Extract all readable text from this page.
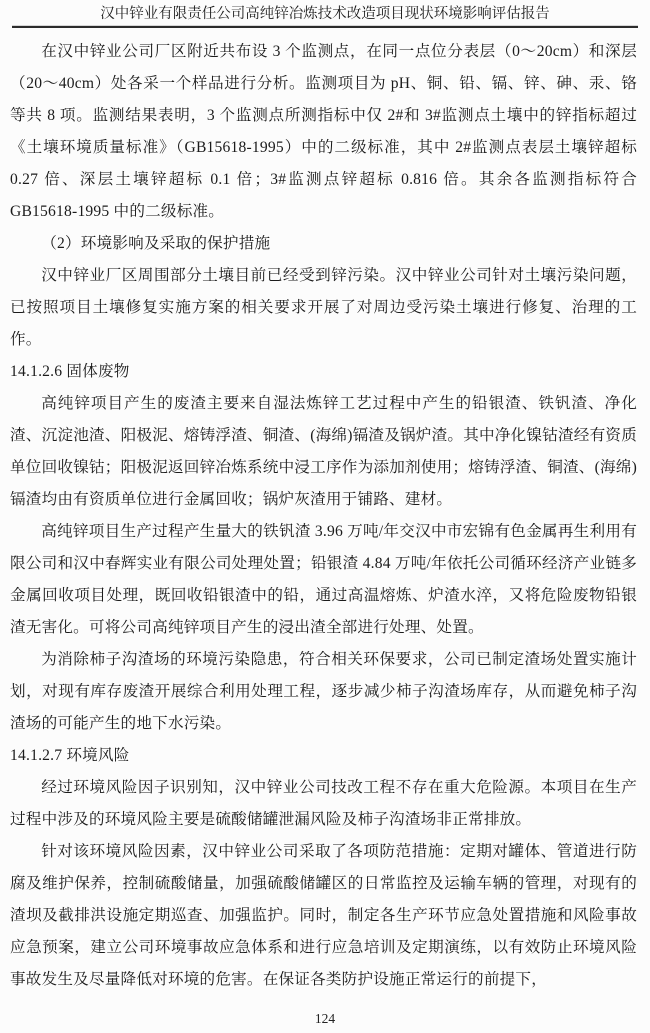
汉中锌业有限责任公司高纯锌冶炼技术改造项目现状环境影响评估报告

在汉中锌业公司厂区附近共布设 3 个监测点，在同一点位分表层（0～20cm）和深层（20～40cm）处各采一个样品进行分析。监测项目为 pH、铜、铅、镉、锌、砷、汞、铬等共 8 项。监测结果表明，3 个监测点所测指标中仅 2#和 3#监测点土壤中的锌指标超过《土壤环境质量标准》（GB15618-1995）中的二级标准，其中 2#监测点表层土壤锌超标 0.27 倍、深层土壤锌超标 0.1 倍；3#监测点锌超标 0.816 倍。其余各监测指标符合 GB15618-1995 中的二级标准。

（2）环境影响及采取的保护措施

汉中锌业厂区周围部分土壤目前已经受到锌污染。汉中锌业公司针对土壤污染问题，已按照项目土壤修复实施方案的相关要求开展了对周边受污染土壤进行修复、治理的工作。

14.1.2.6 固体废物

高纯锌项目产生的废渣主要来自湿法炼锌工艺过程中产生的铅银渣、铁钒渣、净化渣、沉淀池渣、阳极泥、熔铸浮渣、铜渣、(海绵)镉渣及锅炉渣。其中净化镍钴渣经有资质单位回收镍钴；阳极泥返回锌冶炼系统中浸工序作为添加剂使用；熔铸浮渣、铜渣、(海绵)镉渣均由有资质单位进行金属回收；锅炉灰渣用于铺路、建材。

高纯锌项目生产过程产生量大的铁钒渣 3.96 万吨/年交汉中市宏锦有色金属再生利用有限公司和汉中春辉实业有限公司处理处置；铅银渣 4.84 万吨/年依托公司循环经济产业链多金属回收项目处理，既回收铅银渣中的铅，通过高温熔炼、炉渣水淬，又将危险废物铅银渣无害化。可将公司高纯锌项目产生的浸出渣全部进行处理、处置。

为消除柿子沟渣场的环境污染隐患，符合相关环保要求，公司已制定渣场处置实施计划，对现有库存废渣开展综合利用处理工程，逐步减少柿子沟渣场库存，从而避免柿子沟渣场的可能产生的地下水污染。

14.1.2.7 环境风险

经过环境风险因子识别知，汉中锌业公司技改工程不存在重大危险源。本项目在生产过程中涉及的环境风险主要是硫酸储罐泄漏风险及柿子沟渣场非正常排放。

针对该环境风险因素，汉中锌业公司采取了各项防范措施：定期对罐体、管道进行防腐及维护保养，控制硫酸储量，加强硫酸储罐区的日常监控及运输车辆的管理，对现有的渣坝及截排洪设施定期巡查、加强监护。同时，制定各生产环节应急处置措施和风险事故应急预案，建立公司环境事故应急体系和进行应急培训及定期演练，以有效防止环境风险事故发生及尽量降低对环境的危害。在保证各类防护设施正常运行的前提下，

124
